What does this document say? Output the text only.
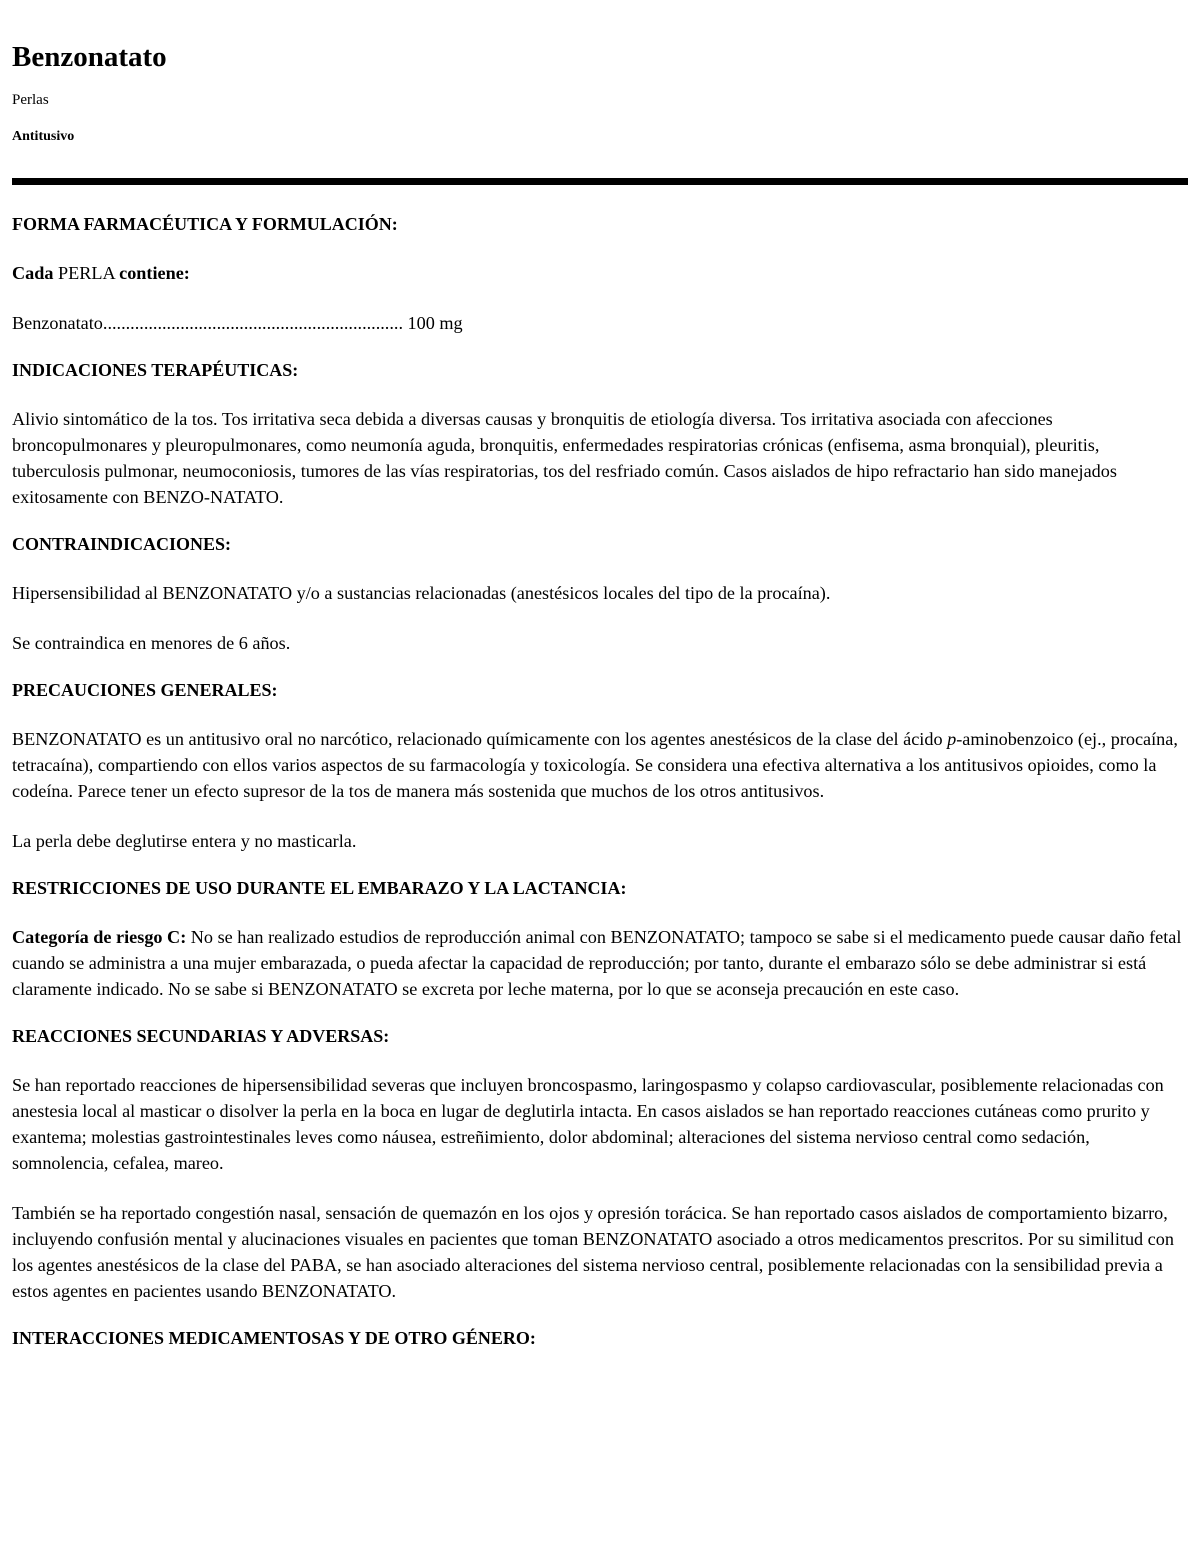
Benzonatato
Perlas
Antitusivo
FORMA FARMACÉUTICA Y FORMULACIÓN:

Cada PERLA contiene:

Benzonatato.................................................................. 100 mg

INDICACIONES TERAPÉUTICAS:

Alivio sintomático de la tos. Tos irritativa seca debida a diversas causas y bronquitis de etiología diversa. Tos irritativa asociada con afecciones broncopulmonares y pleuropulmonares, como neumonía aguda, bronquitis, enfermedades respiratorias crónicas (enfisema, asma bronquial), pleuritis, tuberculosis pulmonar, neumoconiosis, tumores de las vías respiratorias, tos del resfriado común. Casos aislados de hipo refractario han sido manejados exitosamente con BENZO-NATATO.

CONTRAINDICACIONES:

Hipersensibilidad al BENZONATATO y/o a sustancias relacionadas (anestésicos locales del tipo de la procaína).

Se contraindica en menores de 6 años.

PRECAUCIONES GENERALES:

BENZONATATO es un antitusivo oral no narcótico, relacionado químicamente con los agentes anestésicos de la clase del ácido p-aminobenzoico (ej., procaína, tetracaína), compartiendo con ellos varios aspectos de su farmacología y toxicología. Se considera una efectiva alternativa a los antitusivos opioides, como la codeína. Parece tener un efecto supresor de la tos de manera más sostenida que muchos de los otros antitusivos.

La perla debe deglutirse entera y no masticarla.

RESTRICCIONES DE USO DURANTE EL EMBARAZO Y LA LACTANCIA:

Categoría de riesgo C: No se han realizado estudios de reproducción animal con BENZONATATO; tampoco se sabe si el medicamento puede causar daño fetal cuando se administra a una mujer embarazada, o pueda afectar la capacidad de reproducción; por tanto, durante el embarazo sólo se debe administrar si está claramente indicado. No se sabe si BENZONATATO se excreta por leche materna, por lo que se aconseja precaución en este caso.

REACCIONES SECUNDARIAS Y ADVERSAS:

Se han reportado reacciones de hipersensibilidad severas que incluyen broncospasmo, laringospasmo y colapso cardiovascular, posiblemente relacionadas con anestesia local al masticar o disolver la perla en la boca en lugar de deglutirla intacta. En casos aislados se han reportado reacciones cutáneas como prurito y exantema; molestias gastrointestinales leves como náusea, estreñimiento, dolor abdominal; alteraciones del sistema nervioso central como sedación, somnolencia, cefalea, mareo.

También se ha reportado congestión nasal, sensación de quemazón en los ojos y opresión torácica. Se han reportado casos aislados de comportamiento bizarro, incluyendo confusión mental y alucinaciones visuales en pacientes que toman BENZONATATO asociado a otros medicamentos prescritos. Por su similitud con los agentes anestésicos de la clase del PABA, se han asociado alteraciones del sistema nervioso central, posiblemente relacionadas con la sensibilidad previa a estos agentes en pacientes usando BENZONATATO.

INTERACCIONES MEDICAMENTOSAS Y DE OTRO GÉNERO:
